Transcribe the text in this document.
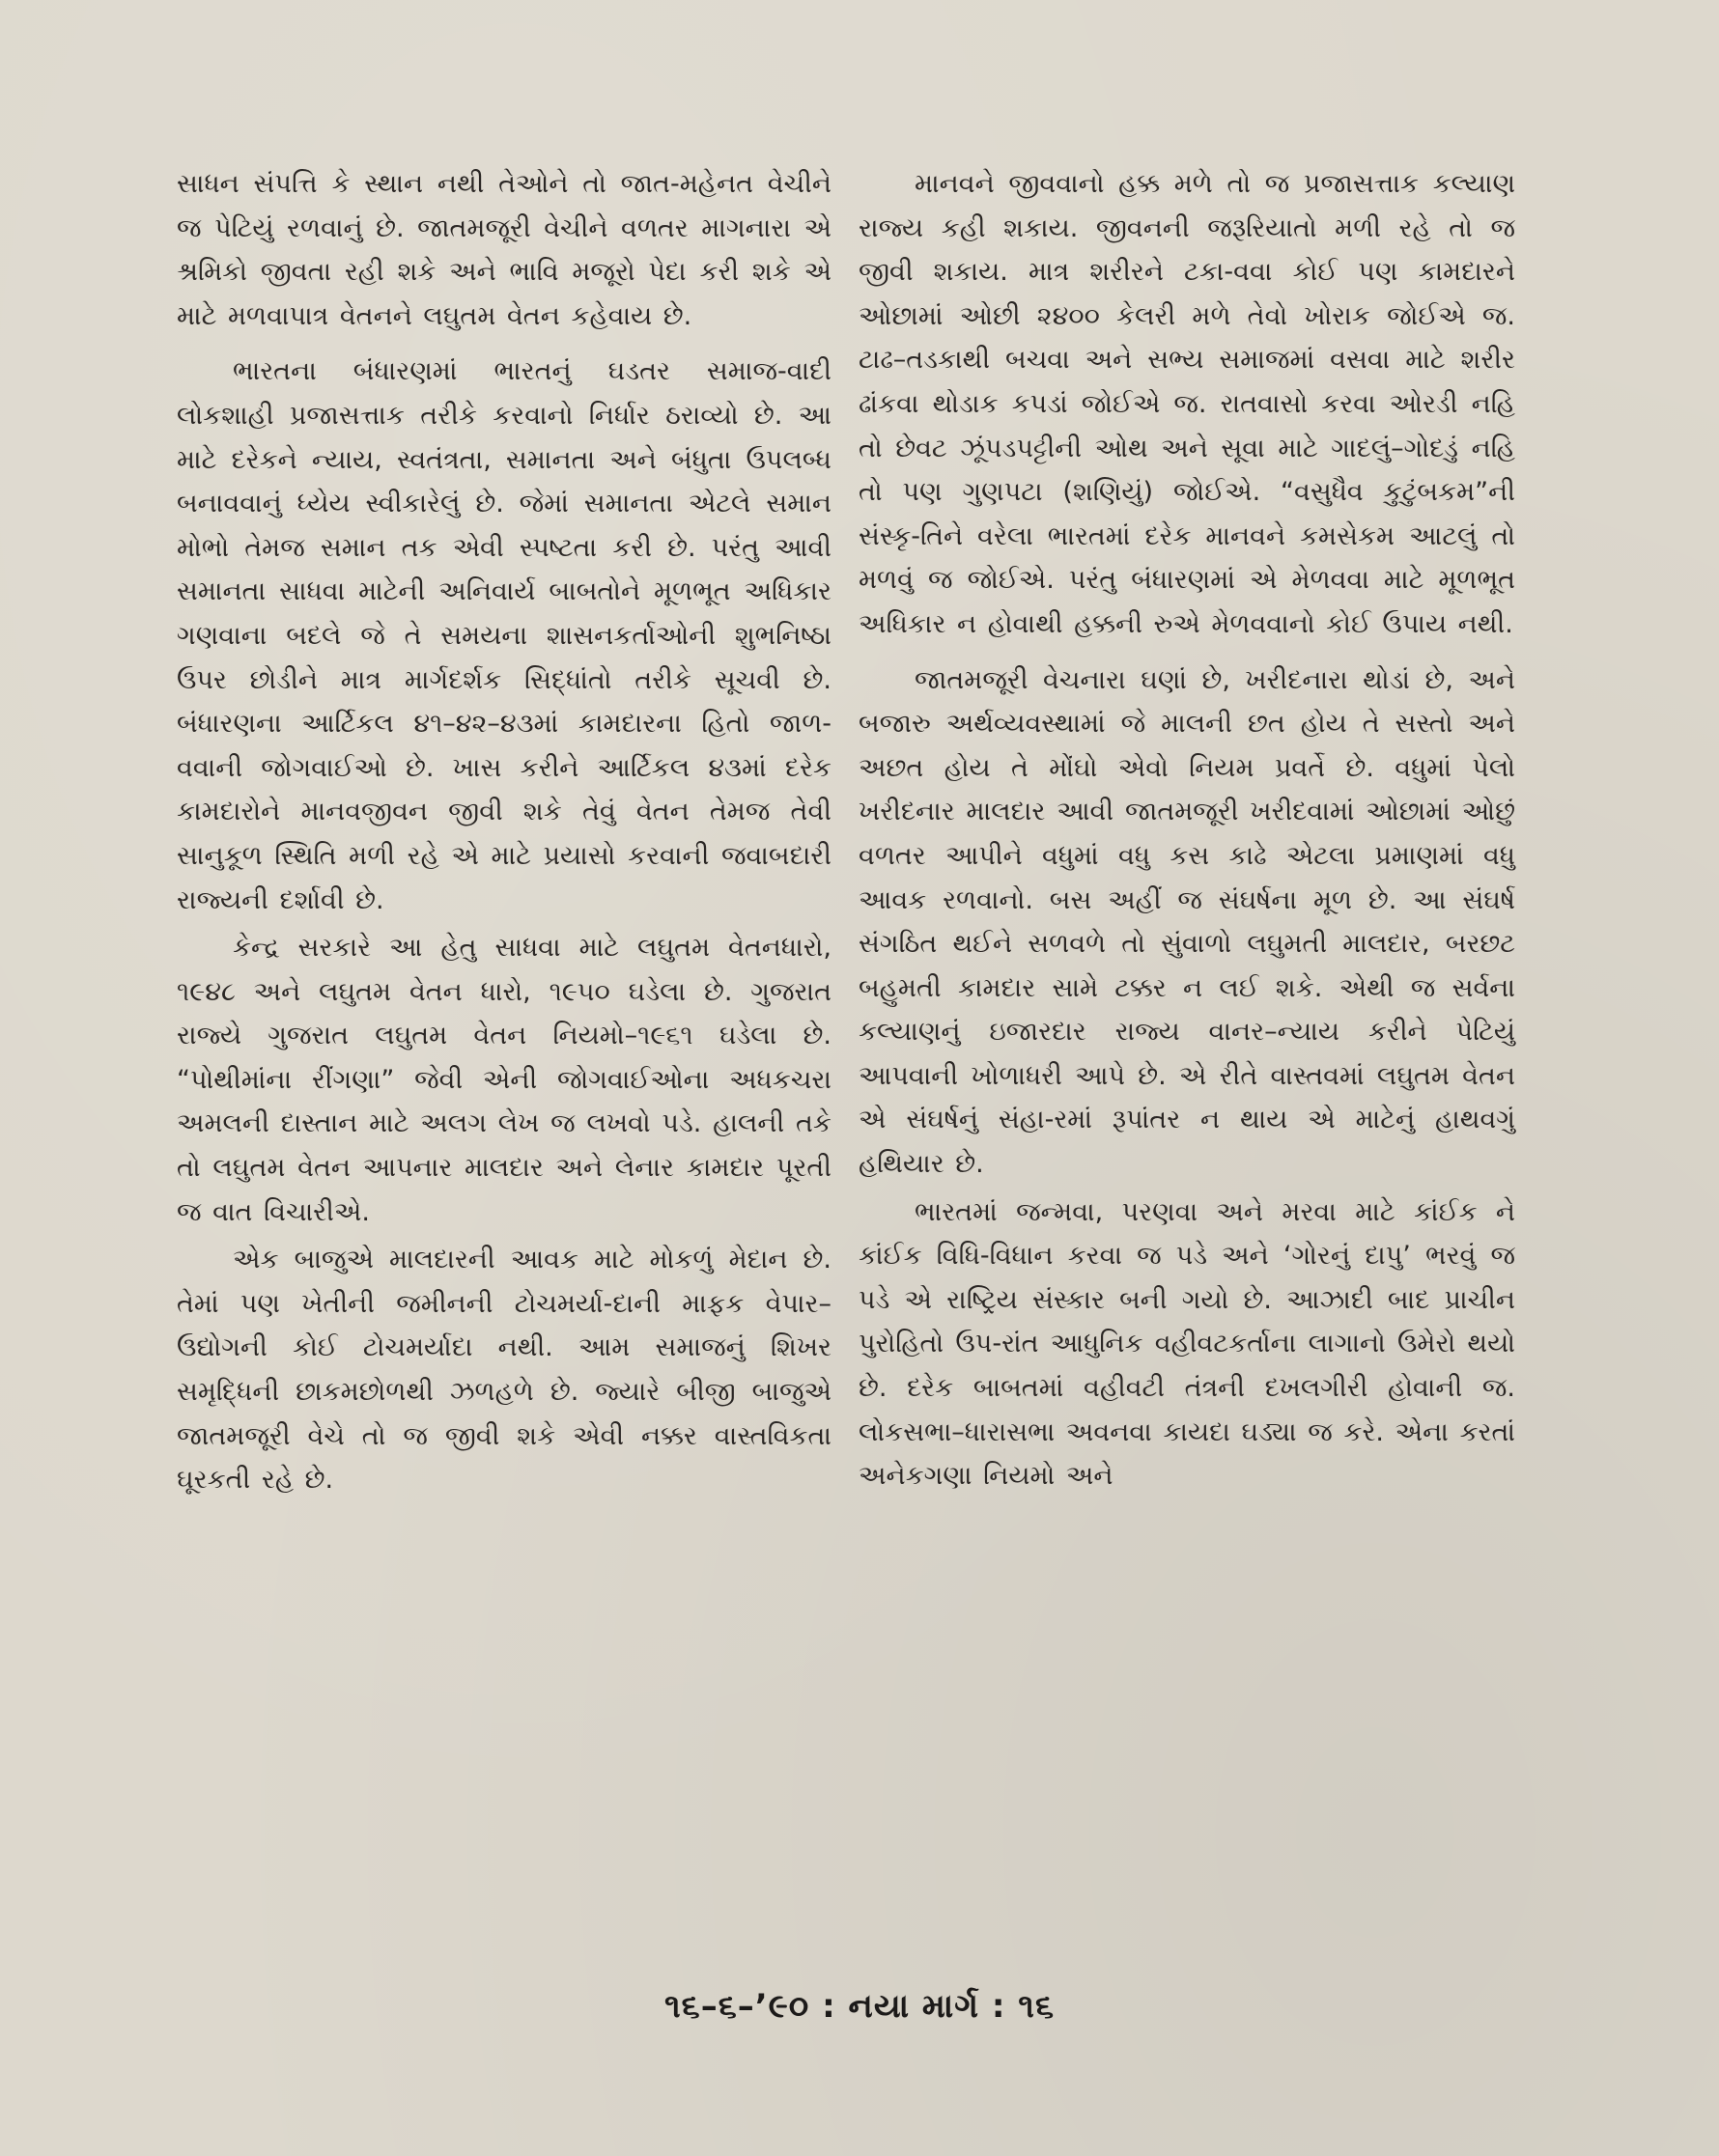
સાધન સંપત્તિ કે સ્થાન નથી તેઓને તો જાત-મહેનત વેચીને જ પેટિયું રળવાનું છે. જાતમજૂરી વેચીને વળતર માગનારા એ શ્રમિકો જીવતા રહી શકે અને ભાવિ મજૂરો પેદા કરી શકે એ માટે મળવાપાત્ર વેતનને લઘુતમ વેતન કહેવાય છે.

ભારતના બંધારણમાં ભારતનું ઘડતર સમાજ-વાદી લોકશાહી પ્રજાસત્તાક તરીકે કરવાનો નિર્ધાર ઠરાવ્યો છે. આ માટે દરેકને ન્યાય, સ્વતંત્રતા, સમાનતા અને બંધુતા ઉપલબ્ધ બનાવવાનું ધ્યેય સ્વીકારેલું છે. જેમાં સમાનતા એટલે સમાન મોભો તેમજ સમાન તક એવી સ્પષ્ટતા કરી છે. પરંતુ આવી સમાનતા સાધવા માટેની અનિવાર્ય બાબતોને મૂળભૂત અધિકાર ગણવાના બદલે જે તે સમયના શાસનકર્તાઓની શુભનિષ્ઠા ઉપર છોડીને માત્ર માર્ગદર્શક સિદ્ધાંતો તરીકે સૂચવી છે. બંધારણના આર્ટિકલ ૪૧–૪૨–૪૩માં કામદારના હિતો જાળ-વવાની જોગવાઈઓ છે. ખાસ કરીને આર્ટિકલ ૪૩માં દરેક કામદારોને માનવજીવન જીવી શકે તેવું વેતન તેમજ તેવી સાનુકૂળ સ્થિતિ મળી રહે એ માટે પ્રયાસો કરવાની જવાબદારી રાજ્યની દર્શાવી છે.

કેન્દ્ર સરકારે આ હેતુ સાધવા માટે લઘુતમ વેતનધારો, ૧૯૪૮ અને લઘુતમ વેતન ધારો, ૧૯૫૦ ઘડેલા છે. ગુજરાત રાજ્યે ગુજરાત લઘુતમ વેતન નિયમો–૧૯૬૧ ઘડેલા છે. “પોથીમાંના રીંગણા” જેવી એની જોગવાઈઓના અધકચરા અમલની દાસ્તાન માટે અલગ લેખ જ લખવો પડે. હાલની તકે તો લઘુતમ વેતન આપનાર માલદાર અને લેનાર કામદાર પૂરતી જ વાત વિચારીએ.

એક બાજુએ માલદારની આવક માટે મોકળું મેદાન છે. તેમાં પણ ખેતીની જમીનની ટોચમર્યા-દાની માફક વેપાર–ઉદ્યોગની કોઈ ટોચમર્યાદા નથી. આમ સમાજનું શિખર સમૃદ્ધિની છાકમછોળથી ઝળહળે છે. જ્યારે બીજી બાજુએ જાતમજૂરી વેચે તો જ જીવી શકે એવી નક્કર વાસ્તવિકતા ઘૂરકતી રહે છે.

માનવને જીવવાનો હક્ક મળે તો જ પ્રજાસત્તાક કલ્યાણ રાજ્ય કહી શકાય. જીવનની જરૂરિયાતો મળી રહે તો જ જીવી શકાય. માત્ર શરીરને ટકા-વવા કોઈ પણ કામદારને ઓછામાં ઓછી ૨૪૦૦ કેલરી મળે તેવો ખોરાક જોઈએ જ. ટાઢ–તડકાથી બચવા અને સભ્ય સમાજમાં વસવા માટે શરીર ઢાંકવા થોડાક કપડાં જોઈએ જ. રાતવાસો કરવા ઓરડી નહિ તો છેવટ ઝૂંપડપટ્ટીની ઓથ અને સૂવા માટે ગાદલું–ગોદડું નહિ તો પણ ગુણપટા (શણિયું) જોઈએ. “વસુધૈવ કુટુંબકમ”ની સંસ્કૃ-તિને વરેલા ભારતમાં દરેક માનવને કમસેકમ આટલું તો મળવું જ જોઈએ. પરંતુ બંધારણમાં એ મેળવવા માટે મૂળભૂત અધિકાર ન હોવાથી હક્કની રુએ મેળવવાનો કોઈ ઉપાય નથી.

જાતમજૂરી વેચનારા ઘણાં છે, ખરીદનારા થોડાં છે, અને બજારુ અર્થવ્યવસ્થામાં જે માલની છત હોય તે સસ્તો અને અછત હોય તે મોંઘો એવો નિયમ પ્રવર્તે છે. વધુમાં પેલો ખરીદનાર માલદાર આવી જાતમજૂરી ખરીદવામાં ઓછામાં ઓછું વળતર આપીને વધુમાં વધુ કસ કાઢે એટલા પ્રમાણમાં વધુ આવક રળવાનો. બસ અહીં જ સંઘર્ષના મૂળ છે. આ સંઘર્ષ સંગઠિત થઈને સળવળે તો સુંવાળો લઘુમતી માલદાર, બરછટ બહુમતી કામદાર સામે ટક્કર ન લઈ શકે. એથી જ સર્વના કલ્યાણનું ઇજારદાર રાજ્ય વાનર–ન્યાય કરીને પેટિયું આપવાની ખોળાધરી આપે છે. એ રીતે વાસ્તવમાં લઘુતમ વેતન એ સંઘર્ષનું સંહા-રમાં રૂપાંતર ન થાય એ માટેનું હાથવગું હથિયાર છે.

ભારતમાં જન્મવા, પરણવા અને મરવા માટે કાંઈક ને કાંઈક વિધિ-વિધાન કરવા જ પડે અને ‘ગોરનું દાપુ’ ભરવું જ પડે એ રાષ્ટ્રિય સંસ્કાર બની ગયો છે. આઝાદી બાદ પ્રાચીન પુરોહિતો ઉપ-રાંત આધુનિક વહીવટકર્તાના લાગાનો ઉમેરો થયો છે. દરેક બાબતમાં વહીવટી તંત્રની દખલગીરી હોવાની જ. લોકસભા–ધારાસભા અવનવા કાયદા ઘડ્યા જ કરે. એના કરતાં અનેકગણા નિયમો અને

૧૬–૬–’૯૦ : નયા માર્ગ : ૧૬
